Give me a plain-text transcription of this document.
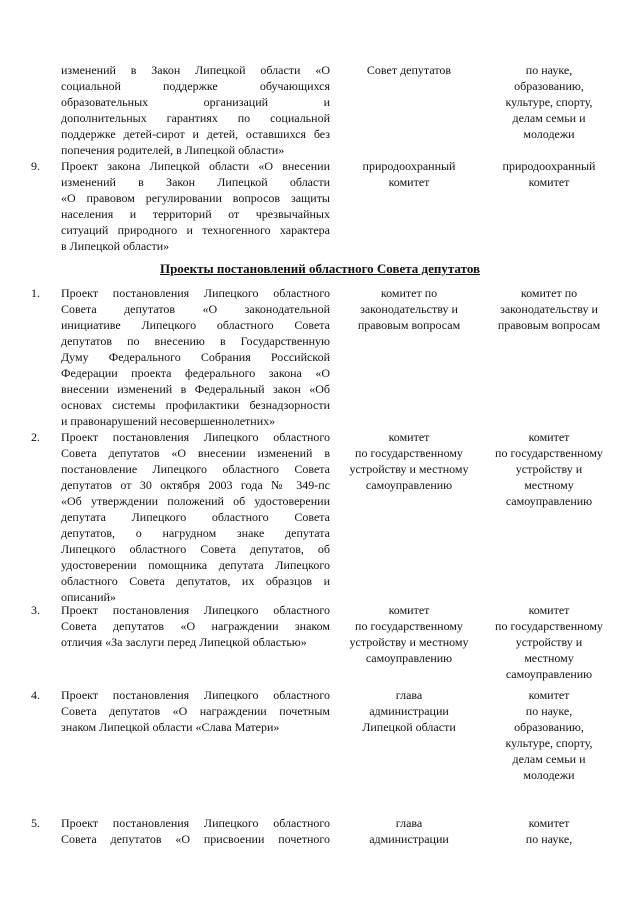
изменений в Закон Липецкой области «О
социальной поддержке обучающихся
образовательных организаций и
дополнительных гарантиях по социальной
поддержке детей-сирот и детей, оставшихся без
попечения родителей, в Липецкой области»
Совет депутатов	по науке,
образованию,
культуре, спорту,
делам семьи и
молодежи
9. Проект закона Липецкой области «О внесении
изменений в Закон Липецкой области
«О правовом регулировании вопросов защиты
населения и территорий от чрезвычайных
ситуаций природного и техногенного характера
в Липецкой области»
природоохранный
комитет
природоохранный
комитет
Проекты постановлений областного Совета депутатов
1. Проект постановления Липецкого областного
Совета депутатов «О законодательной
инициативе Липецкого областного Совета
депутатов по внесению в Государственную
Думу Федерального Собрания Российской
Федерации проекта федерального закона «О
внесении изменений в Федеральный закон «Об
основах системы профилактики безнадзорности
и правонарушений несовершеннолетних»
комитет по
законодательству и
правовым вопросам
комитет по
законодательству и
правовым вопросам
2. Проект постановления Липецкого областного
Совета депутатов «О внесении изменений в
постановление Липецкого областного Совета
депутатов от 30 октября 2003 года № 349-пс
«Об утверждении положений об удостоверении
депутата Липецкого областного Совета
депутатов, о нагрудном знаке депутата
Липецкого областного Совета депутатов, об
удостоверении помощника депутата Липецкого
областного Совета депутатов, их образцов и
описаний»
комитет
по государственному
устройству и местному
самоуправлению
комитет
по государственному
устройству и
местному
самоуправлению
3. Проект постановления Липецкого областного
Совета депутатов «О награждении знаком
отличия «За заслуги перед Липецкой областью»
комитет
по государственному
устройству и местному
самоуправлению
комитет
по государственному
устройству и
местному
самоуправлению
4. Проект постановления Липецкого областного
Совета депутатов «О награждении почетным
знаком Липецкой области «Слава Матери»
глава
администрации
Липецкой области
комитет
по науке,
образованию,
культуре, спорту,
делам семьи и
молодежи
5. Проект постановления Липецкого областного
Совета депутатов «О присвоении почетного
глава
администрации
комитет
по науке,
